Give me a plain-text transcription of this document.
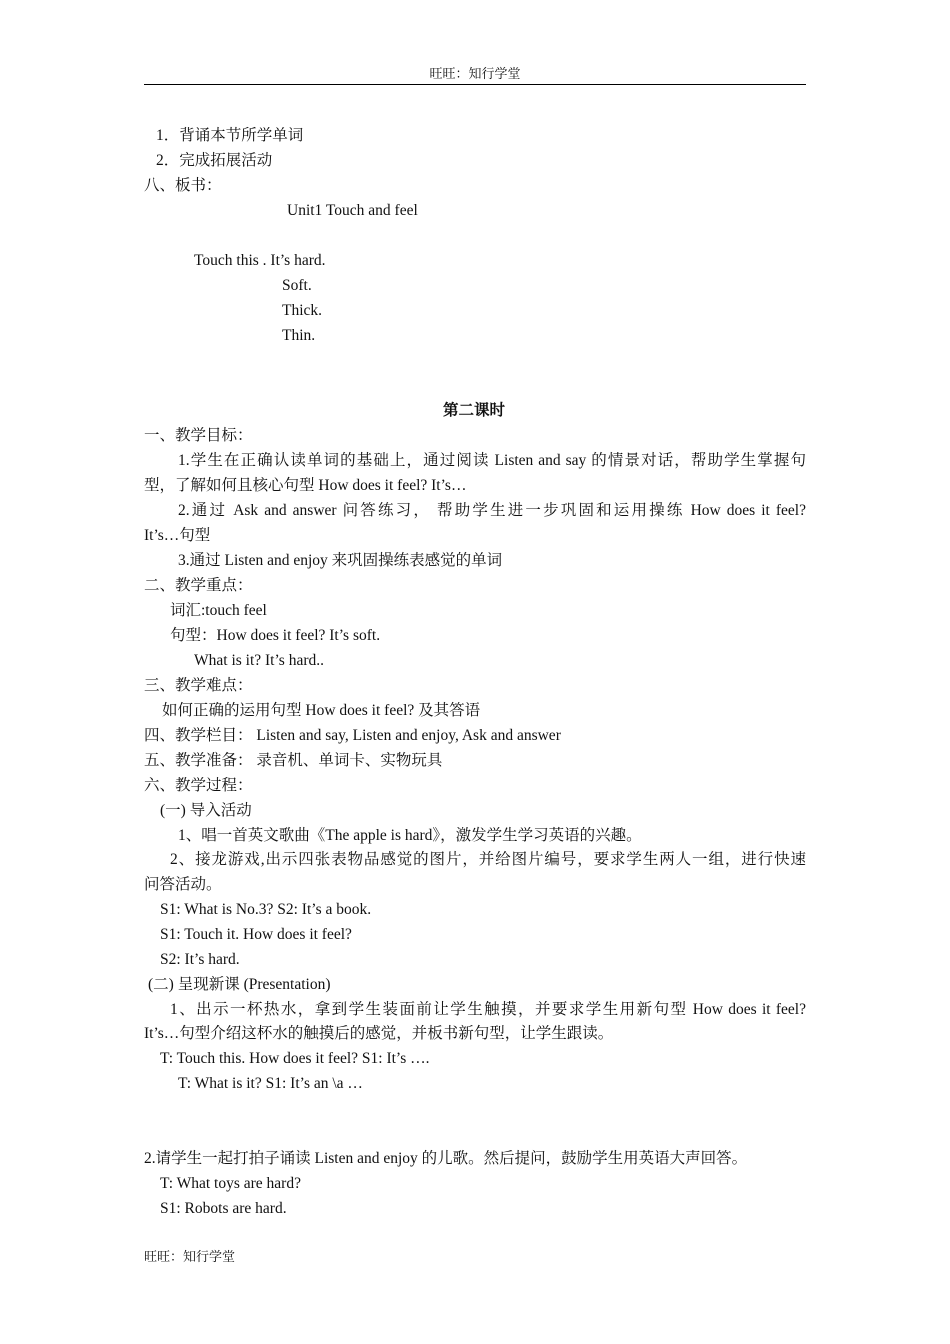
旺旺：知行学堂
1．背诵本节所学单词
2．完成拓展活动
八、板书：
Unit1 Touch and feel
Touch this . It’s hard.
Soft.
Thick.
Thin.
第二课时
一、教学目标：
1.学生在正确认读单词的基础上，通过阅读 Listen and say 的情景对话，帮助学生掌握句
型，了解如何且核心句型 How does it feel? It’s…
2.通过 Ask and answer 问答练习， 帮助学生进一步巩固和运用操练 How does it feel?
It’s…句型
3.通过 Listen and enjoy 来巩固操练表感觉的单词
二、教学重点：
词汇:touch feel
句型：How does it feel? It’s soft.
What is it? It’s hard..
三、教学难点：
如何正确的运用句型 How does it feel? 及其答语
四、教学栏目： Listen and say, Listen and enjoy, Ask and answer
五、教学准备： 录音机、单词卡、实物玩具
六、教学过程：
(一) 导入活动
1、唱一首英文歌曲《The apple is hard》，激发学生学习英语的兴趣。
2、接龙游戏,出示四张表物品感觉的图片，并给图片编号，要求学生两人一组，进行快速
问答活动。
S1: What is No.3? S2: It’s a book.
S1: Touch it. How does it feel?
S2: It’s hard.
(二) 呈现新课 (Presentation)
1、出示一杯热水，拿到学生装面前让学生触摸，并要求学生用新句型 How does it feel?
It’s…句型介绍这杯水的触摸后的感觉，并板书新句型，让学生跟读。
T: Touch this. How does it feel? S1: It’s ….
T: What is it? S1: It’s an \a …
2.请学生一起打拍子诵读 Listen and enjoy 的儿歌。然后提问，鼓励学生用英语大声回答。
T: What toys are hard?
S1: Robots are hard.
旺旺：知行学堂
